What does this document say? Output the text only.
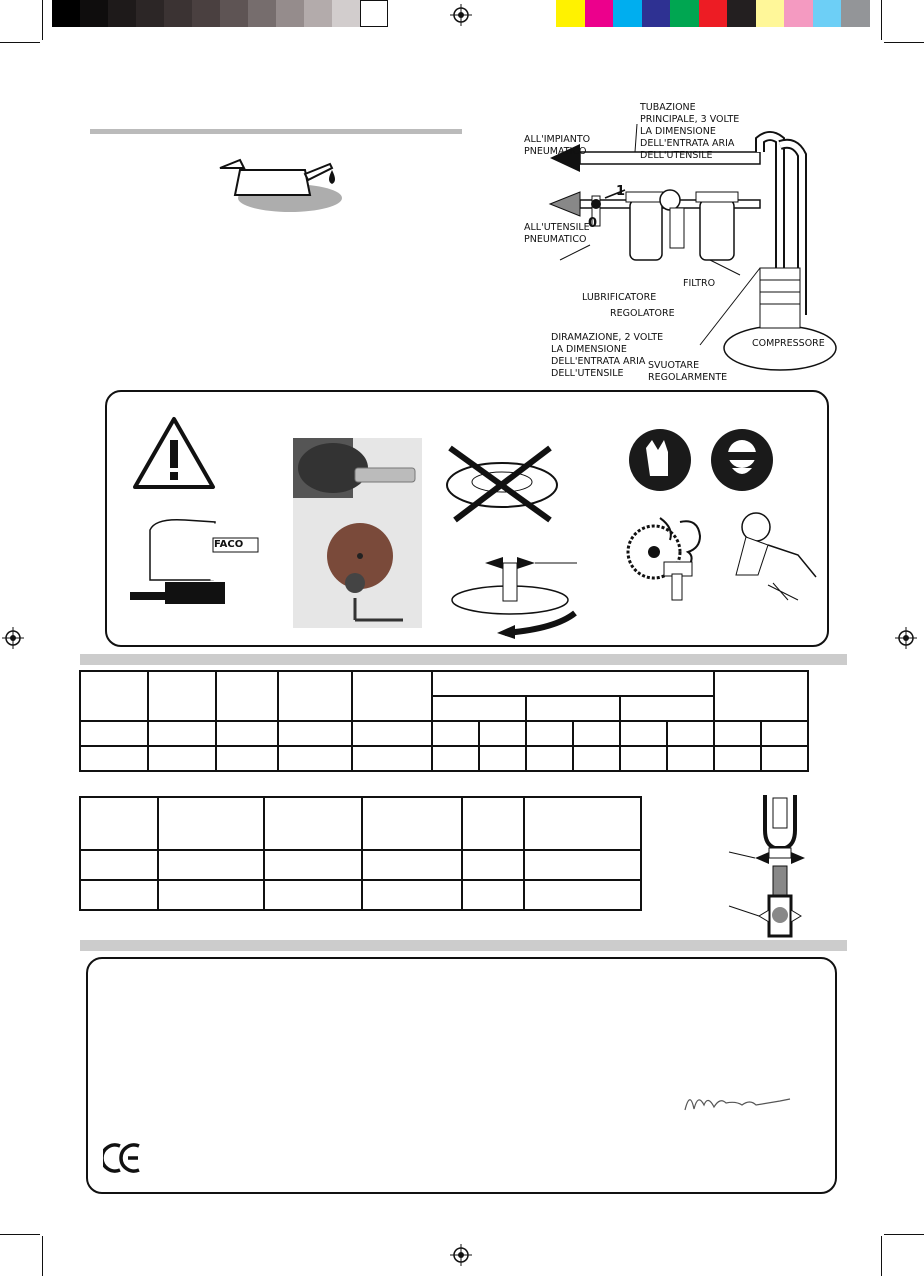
TUBAZIONE
PRINCIPALE, 3 VOLTE
LA DIMENSIONE
DELL'ENTRATA ARIA
DELL'UTENSILE
ALL'IMPIANTO
PNEUMATICO
ALL'UTENSILE
PNEUMATICO
1
0
LUBRIFICATORE
REGOLATORE
FILTRO
DIRAMAZIONE, 2 VOLTE
LA DIMENSIONE
DELL'ENTRATA ARIA
DELL'UTENSILE
SVUOTARE
REGOLARMENTE
COMPRESSORE
FACO
